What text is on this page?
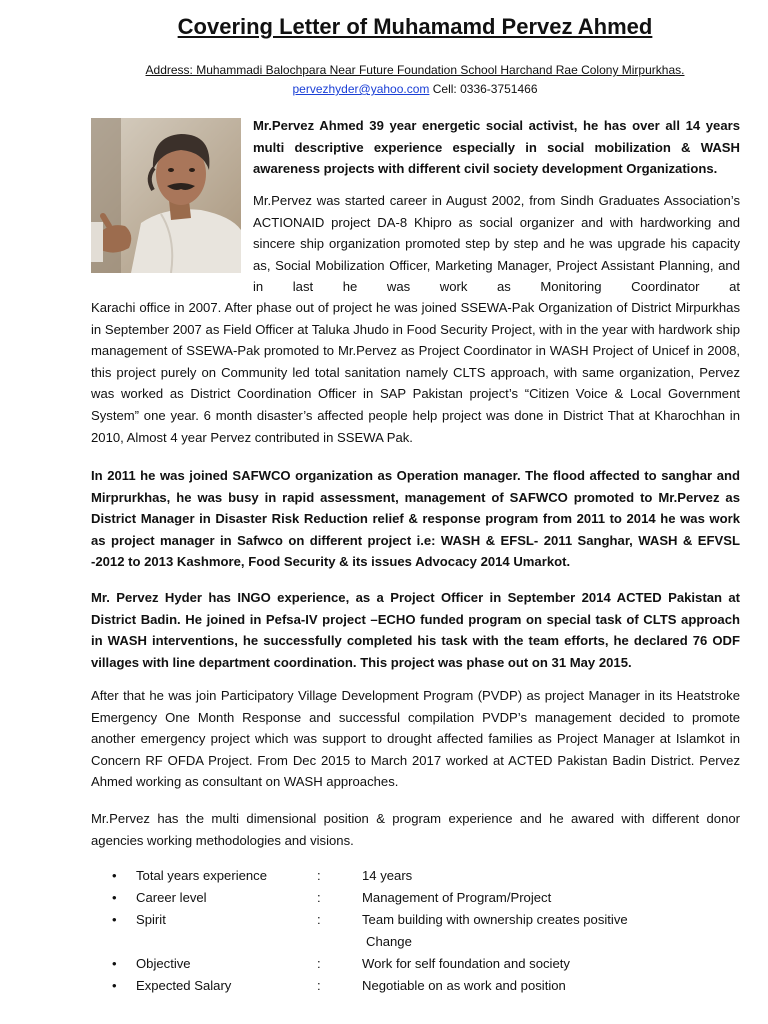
Covering Letter of Muhamamd Pervez Ahmed
Address: Muhammadi Balochpara Near Future Foundation School Harchand Rae Colony Mirpurkhas.
pervezhyder@yahoo.com Cell: 0336-3751466

Mr.Pervez Ahmed 39 year energetic social activist, he has over all 14 years multi descriptive experience especially in social mobilization & WASH awareness projects with different civil society development Organizations.

Mr.Pervez was started career in August 2002, from Sindh Graduates Association’s ACTIONAID project DA-8 Khipro as social organizer and with hardworking and sincere ship organization promoted step by step and he was upgrade his capacity as, Social Mobilization Officer, Marketing Manager, Project Assistant Planning, and in last he was work as Monitoring Coordinator at

Karachi office in 2007. After phase out of project he was joined SSEWA-Pak Organization of District Mirpurkhas in September 2007 as Field Officer at Taluka Jhudo in Food Security Project, with in the year with hardwork ship management of SSEWA-Pak promoted to Mr.Pervez as Project Coordinator in WASH Project of Unicef in 2008, this project purely on Community led total sanitation namely CLTS approach, with same organization, Pervez was worked as District Coordination Officer in SAP Pakistan project’s “Citizen Voice & Local Government System” one year. 6 month disaster’s affected people help project was done in District That at Kharochhan in 2010, Almost 4 year Pervez contributed in SSEWA Pak.

In 2011 he was joined SAFWCO organization as Operation manager. The flood affected to sanghar and Mirprurkhas, he was busy in rapid assessment, management of SAFWCO promoted to Mr.Pervez as District Manager in Disaster Risk Reduction relief & response program from 2011 to 2014 he was work as project manager in Safwco on different project i.e: WASH & EFSL- 2011 Sanghar, WASH & EFVSL -2012 to 2013 Kashmore, Food Security & its issues Advocacy 2014 Umarkot.

Mr. Pervez Hyder has INGO experience, as a Project Officer in September 2014 ACTED Pakistan at District Badin. He joined in Pefsa-IV project –ECHO funded program on special task of CLTS approach in WASH interventions, he successfully completed his task with the team efforts, he declared 76 ODF villages with line department coordination. This project was phase out on 31 May 2015.

After that he was join Participatory Village Development Program (PVDP) as project Manager in its Heatstroke Emergency One Month Response and successful compilation PVDP’s management decided to promote another emergency project which was support to drought affected families as Project Manager at Islamkot in Concern RF OFDA Project. From Dec 2015 to March 2017 worked at ACTED Pakistan Badin District. Pervez Ahmed working as consultant on WASH approaches.

Mr.Pervez has the multi dimensional position & program experience and he awared with different donor agencies working methodologies and visions.

• Total years experience	:	14 years
• Career level	:	Management of Program/Project
• Spirit	:	Team building with ownership creates positive
Change
• Objective	:	Work for self foundation and society
• Expected Salary	:	Negotiable on as work and position
